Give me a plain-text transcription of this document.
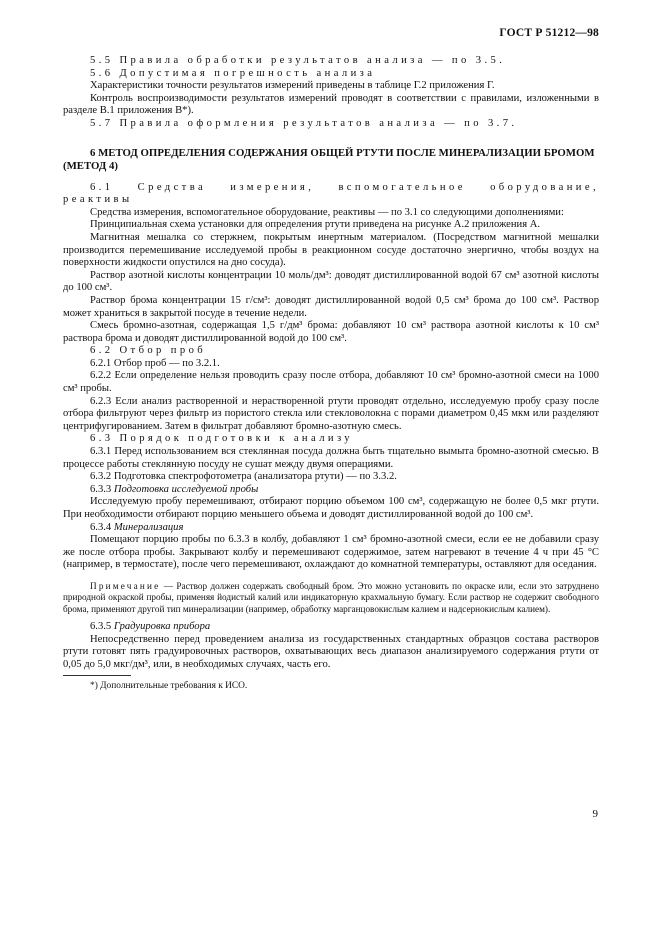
ГОСТ Р 51212—98

5.5 Правила обработки результатов анализа — по 3.5.

5.6 Допустимая погрешность анализа

Характеристики точности результатов измерений приведены в таблице Г.2 приложения Г.

Контроль воспроизводимости результатов измерений проводят в соответствии с правилами, изложенными в разделе В.1 приложения В*).

5.7 Правила оформления результатов анализа — по 3.7.

6 МЕТОД ОПРЕДЕЛЕНИЯ СОДЕРЖАНИЯ ОБЩЕЙ РТУТИ ПОСЛЕ МИНЕРАЛИЗАЦИИ БРОМОМ (МЕТОД 4)

6.1 Средства измерения, вспомогательное оборудование, реактивы

Средства измерения, вспомогательное оборудование, реактивы — по 3.1 со следующими дополнениями:

Принципиальная схема установки для определения ртути приведена на рисунке А.2 приложения А.

Магнитная мешалка со стержнем, покрытым инертным материалом. (Посредством магнитной мешалки производится перемешивание исследуемой пробы в реакционном сосуде достаточно энергично, чтобы воздух на поверхности жидкости опустился на дно сосуда).

Раствор азотной кислоты концентрации 10 моль/дм³: доводят дистиллированной водой 67 см³ азотной кислоты до 100 см³.

Раствор брома концентрации 15 г/см³: доводят дистиллированной водой 0,5 см³ брома до 100 см³. Раствор может храниться в закрытой посуде в течение недели.

Смесь бромно-азотная, содержащая 1,5 г/дм³ брома: добавляют 10 см³ раствора азотной кислоты к 10 см³ раствора брома и доводят дистиллированной водой до 100 см³.

6.2 Отбор проб

6.2.1 Отбор проб — по 3.2.1.

6.2.2 Если определение нельзя проводить сразу после отбора, добавляют 10 см³ бромно-азотной смеси на 1000 см³ пробы.

6.2.3 Если анализ растворенной и нерастворенной ртути проводят отдельно, исследуемую пробу сразу после отбора фильтруют через фильтр из пористого стекла или стекловолокна с порами диаметром 0,45 мкм или разделяют центрифугированием. Затем в фильтрат добавляют бромно-азотную смесь.

6.3 Порядок подготовки к анализу

6.3.1 Перед использованием вся стеклянная посуда должна быть тщательно вымыта бромно-азотной смесью. В процессе работы стеклянную посуду не сушат между двумя операциями.

6.3.2 Подготовка спектрофотометра (анализатора ртути) — по 3.3.2.

6.3.3 Подготовка исследуемой пробы

Исследуемую пробу перемешивают, отбирают порцию объемом 100 см³, содержащую не более 0,5 мкг ртути. При необходимости отбирают порцию меньшего объема и доводят дистиллированной водой до 100 см³.

6.3.4 Минерализация

Помещают порцию пробы по 6.3.3 в колбу, добавляют 1 см³ бромно-азотной смеси, если ее не добавили сразу же после отбора пробы. Закрывают колбу и перемешивают содержимое, затем нагревают в течение 4 ч при 45 °С (например, в термостате), после чего перемешивают, охлаждают до комнатной температуры, оставляют для оседания.

Примечание — Раствор должен содержать свободный бром. Это можно установить по окраске или, если это затруднено природной окраской пробы, применяя йодистый калий или индикаторную крахмальную бумагу. Если раствор не содержит свободного брома, применяют другой тип минерализации (например, обработку марганцовокислым калием и надсернокислым калием).

6.3.5 Градуировка прибора

Непосредственно перед проведением анализа из государственных стандартных образцов состава растворов ртути готовят пять градуировочных растворов, охватывающих весь диапазон анализируемого содержания ртути от 0,05 до 5,0 мкг/дм³, или, в необходимых случаях, часть его.

*) Дополнительные требования к ИСО.

9
